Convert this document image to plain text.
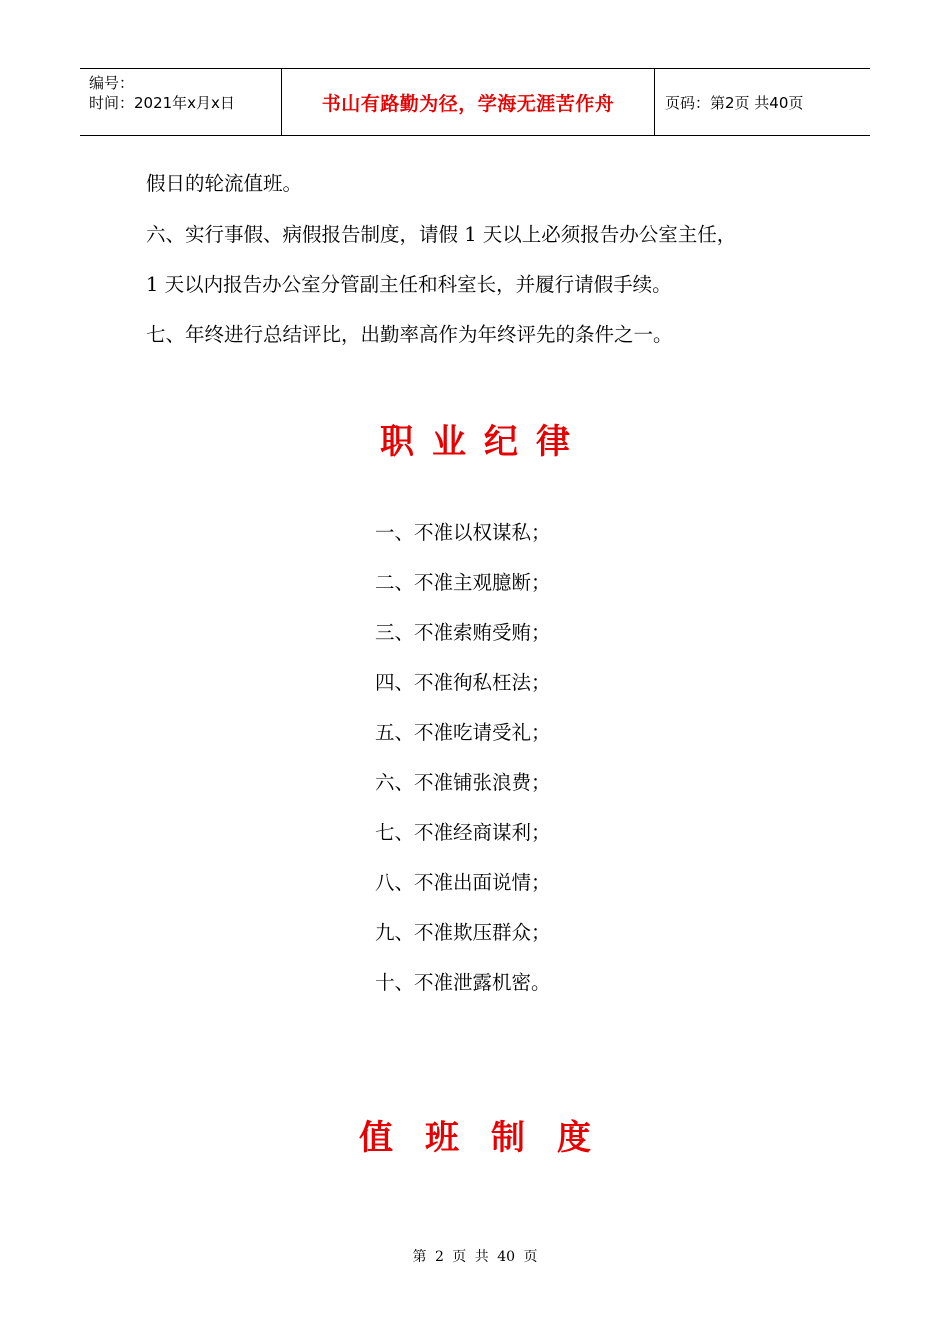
编号：
时间：2021年x月x日	书山有路勤为径，学海无涯苦作舟	页码：第2页 共40页
假日的轮流值班。
六、实行事假、病假报告制度，请假 1 天以上必须报告办公室主任，
1 天以内报告办公室分管副主任和科室长，并履行请假手续。
七、年终进行总结评比，出勤率高作为年终评先的条件之一。
职业纪律
一、不准以权谋私；
二、不准主观臆断；
三、不准索贿受贿；
四、不准徇私枉法；
五、不准吃请受礼；
六、不准铺张浪费；
七、不准经商谋利；
八、不准出面说情；
九、不准欺压群众；
十、不准泄露机密。
值班制度
第 2 页 共 40 页
